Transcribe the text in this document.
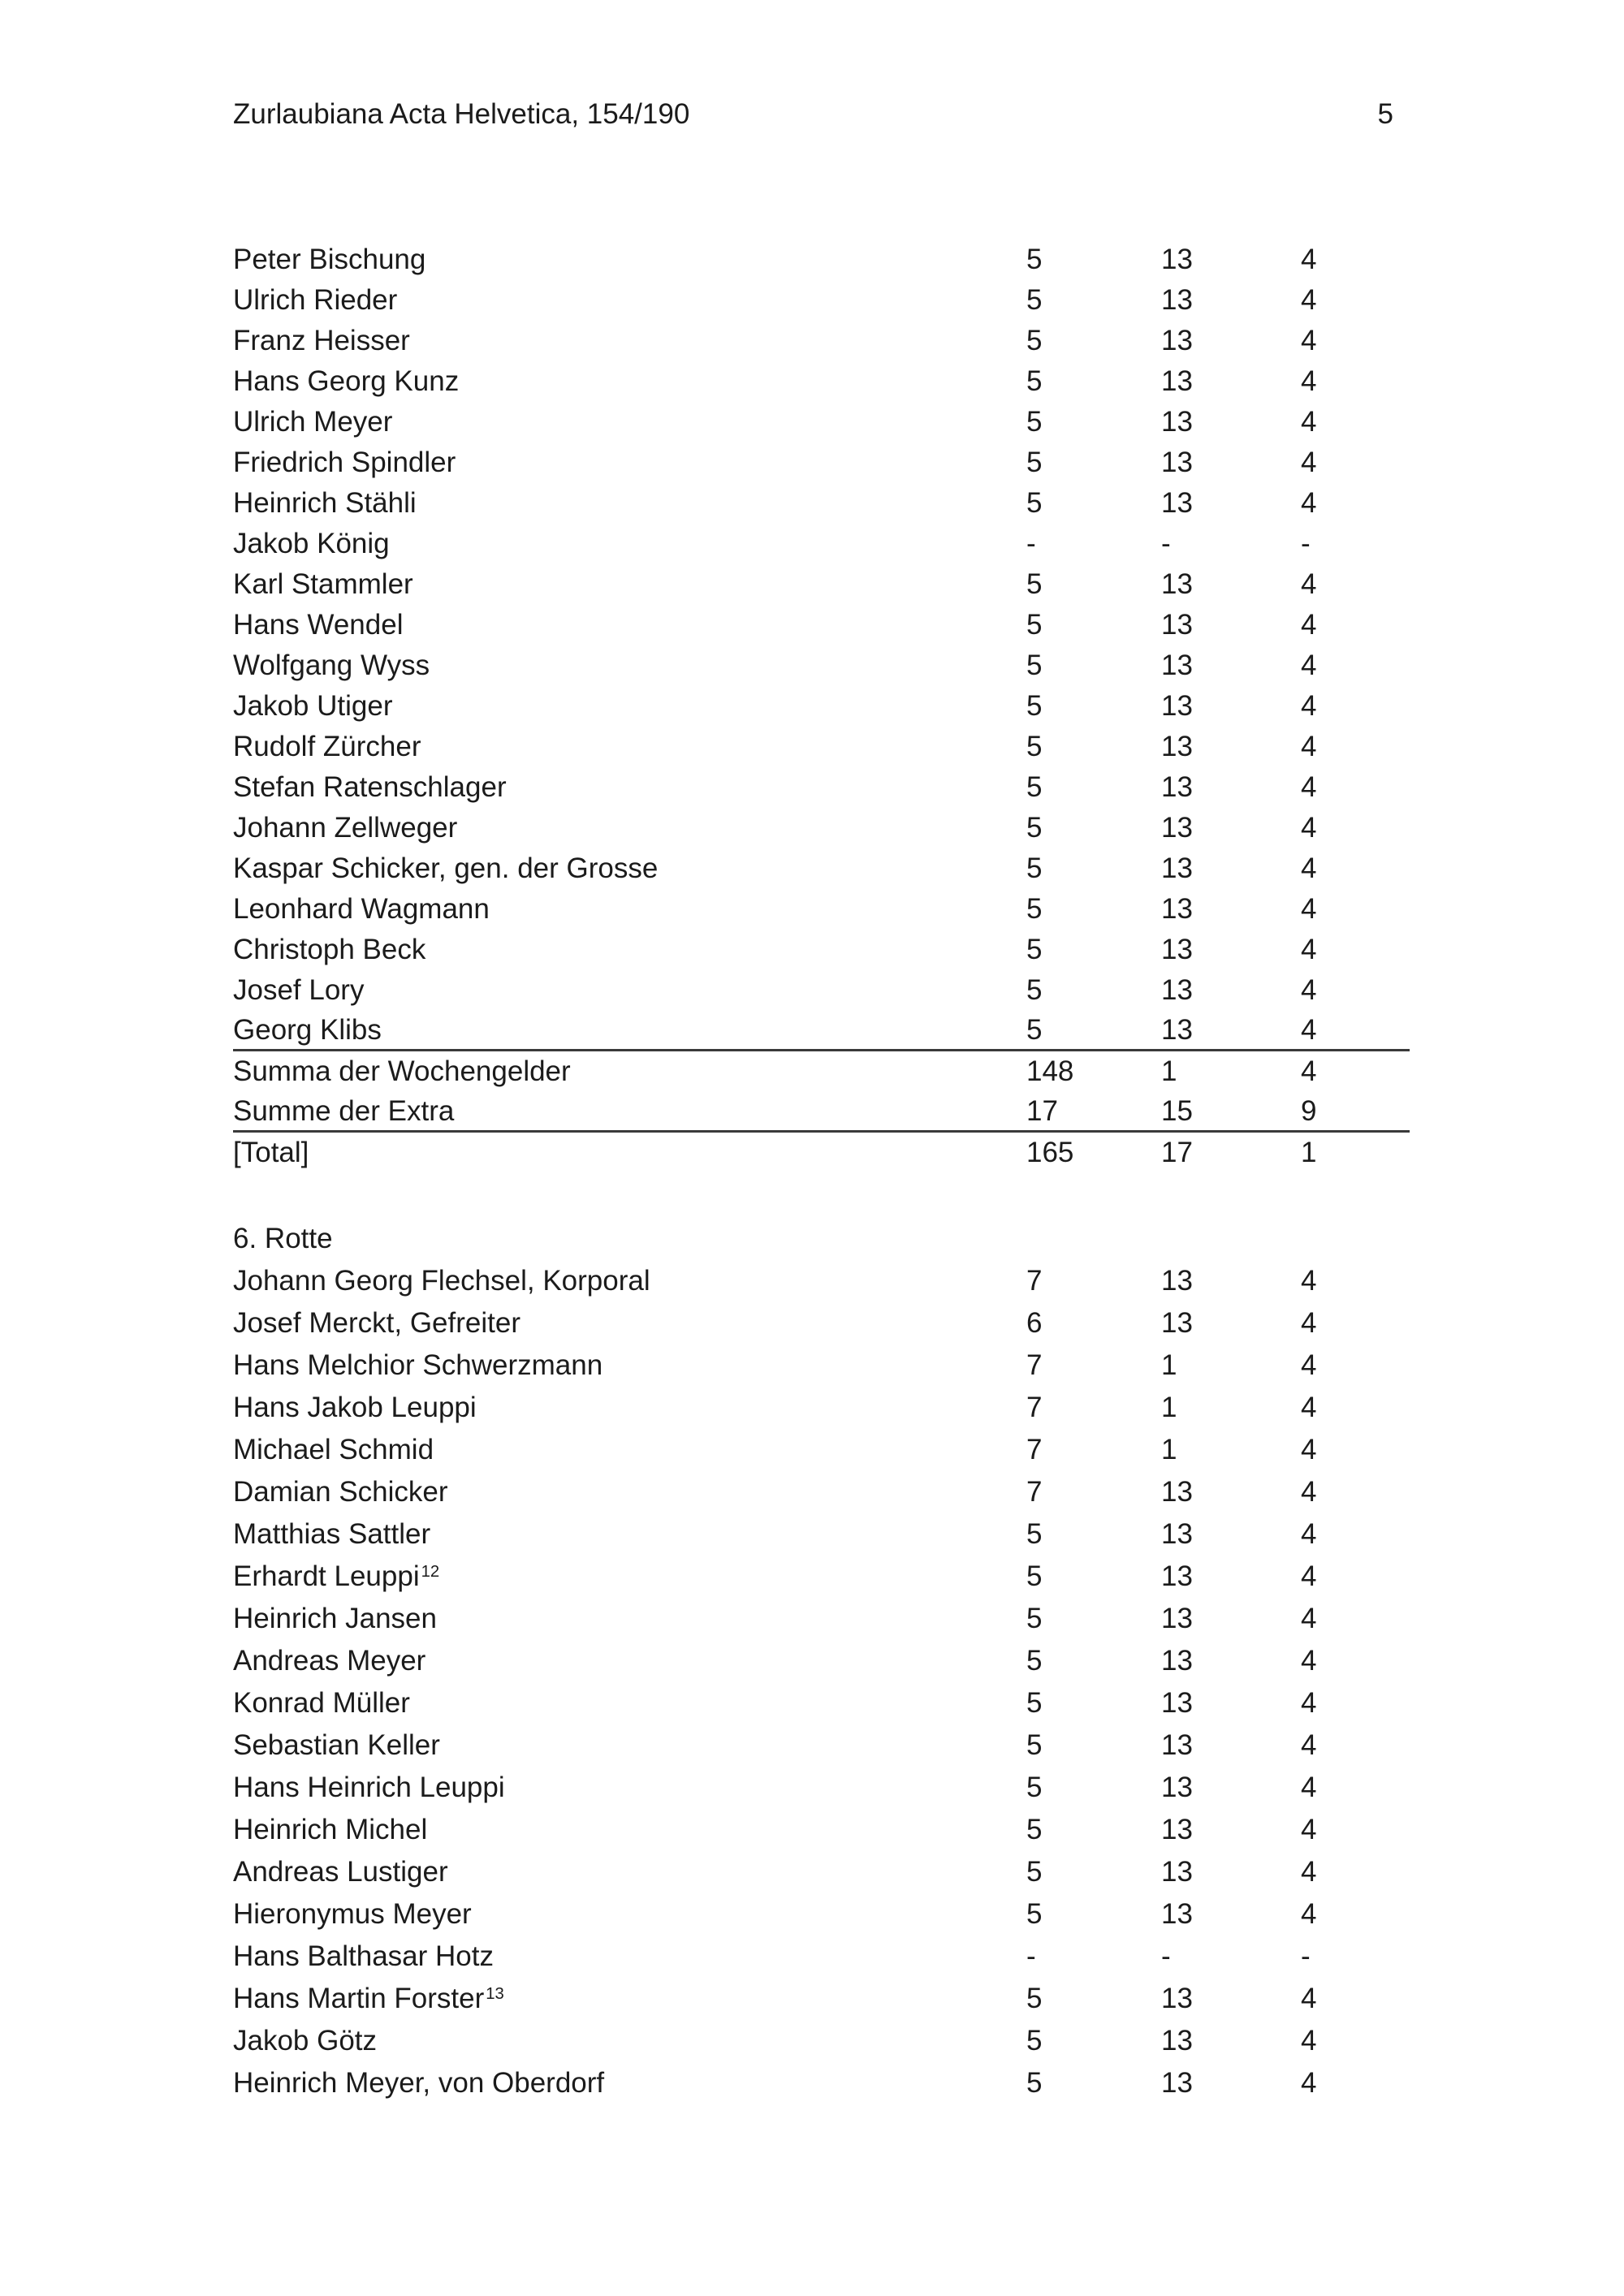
Zurlaubiana Acta Helvetica, 154/190	5
Peter Bischung	5	13	4
Ulrich Rieder	5	13	4
Franz Heisser	5	13	4
Hans Georg Kunz	5	13	4
Ulrich Meyer	5	13	4
Friedrich Spindler	5	13	4
Heinrich Stähli	5	13	4
Jakob König	-	-	-
Karl Stammler	5	13	4
Hans Wendel	5	13	4
Wolfgang Wyss	5	13	4
Jakob Utiger	5	13	4
Rudolf Zürcher	5	13	4
Stefan Ratenschlager	5	13	4
Johann Zellweger	5	13	4
Kaspar Schicker, gen. der Grosse	5	13	4
Leonhard Wagmann	5	13	4
Christoph Beck	5	13	4
Josef Lory	5	13	4
Georg Klibs	5	13	4
Summa der Wochengelder	148	1	4
Summe der Extra	17	15	9
[Total]	165	17	1
6. Rotte
Johann Georg Flechsel, Korporal	7	13	4
Josef Merckt, Gefreiter	6	13	4
Hans Melchior Schwerzmann	7	1	4
Hans Jakob Leuppi	7	1	4
Michael Schmid	7	1	4
Damian Schicker	7	13	4
Matthias Sattler	5	13	4
Erhardt Leuppi$^{12}$	5	13	4
Heinrich Jansen	5	13	4
Andreas Meyer	5	13	4
Konrad Müller	5	13	4
Sebastian Keller	5	13	4
Hans Heinrich Leuppi	5	13	4
Heinrich Michel	5	13	4
Andreas Lustiger	5	13	4
Hieronymus Meyer	5	13	4
Hans Balthasar Hotz	-	-	-
Hans Martin Forster$^{13}$	5	13	4
Jakob Götz	5	13	4
Heinrich Meyer, von Oberdorf	5	13	4
